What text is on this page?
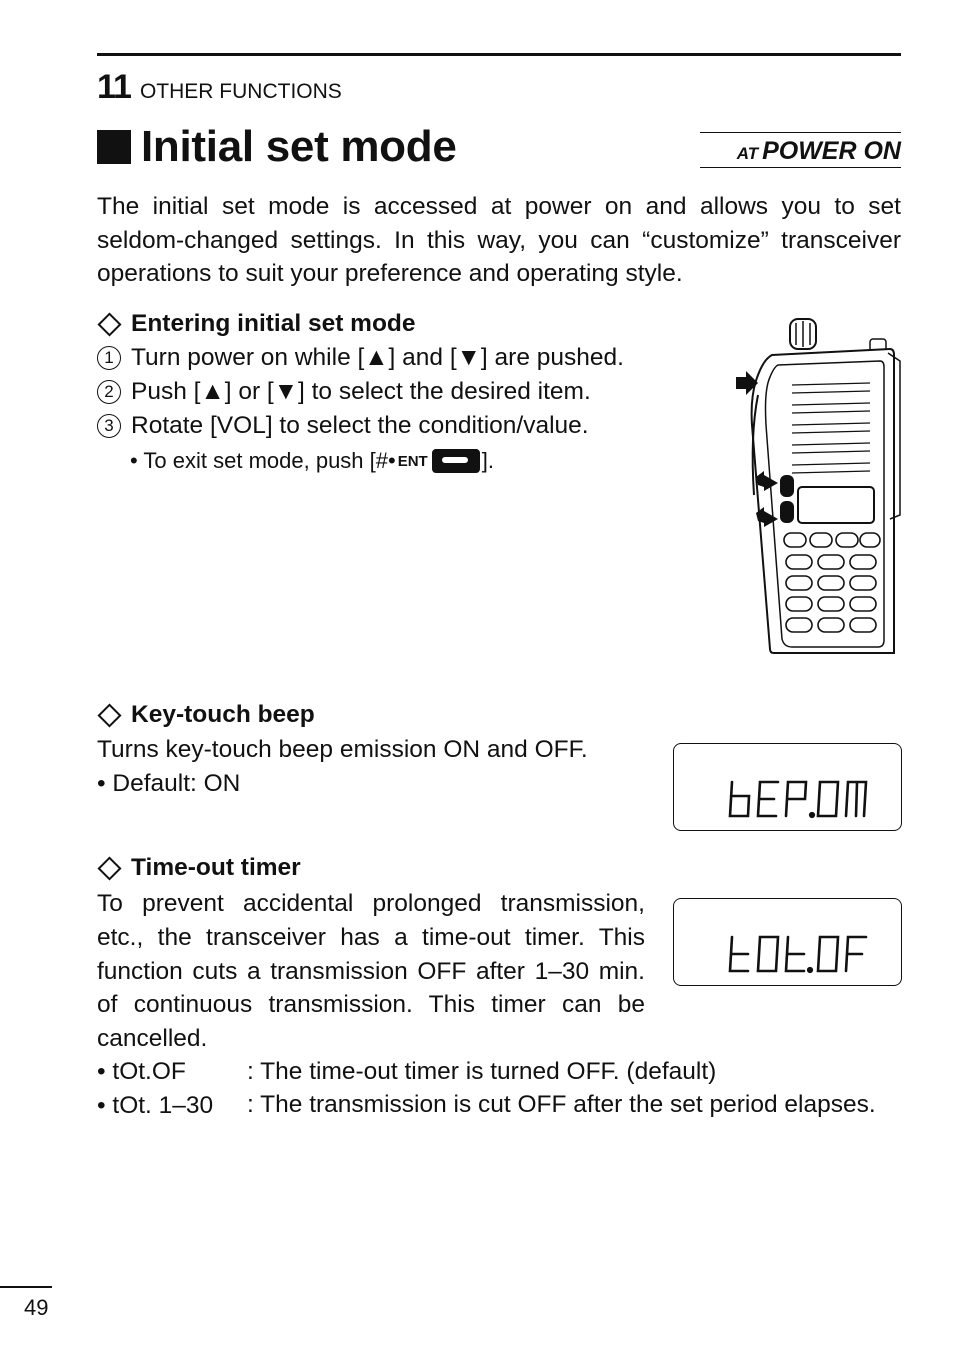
11 OTHER FUNCTIONS
Initial set mode	AT POWER ON

The initial set mode is accessed at power on and allows you to set seldom-changed settings. In this way, you can “customize” transceiver operations to suit your preference and operating style.

Entering initial set mode
1 Turn power on while [▲] and [▼] are pushed.
2 Push [▲] or [▼] to select the desired item.
3 Rotate [VOL] to select the condition/value.
• To exit set mode, push [#• ENT ].
Key-touch beep
Turns key-touch beep emission ON and OFF.
• Default: ON
bEP.On
Time-out timer
To prevent accidental prolonged transmission, etc., the transceiver has a time-out timer. This function cuts a transmission OFF after 1–30 min. of continuous transmission. This timer can be cancelled.
tOt.OF
• tOt.OF	: The time-out timer is turned OFF. (default)
• tOt. 1–30	: The transmission is cut OFF after the set period elapses.
49
